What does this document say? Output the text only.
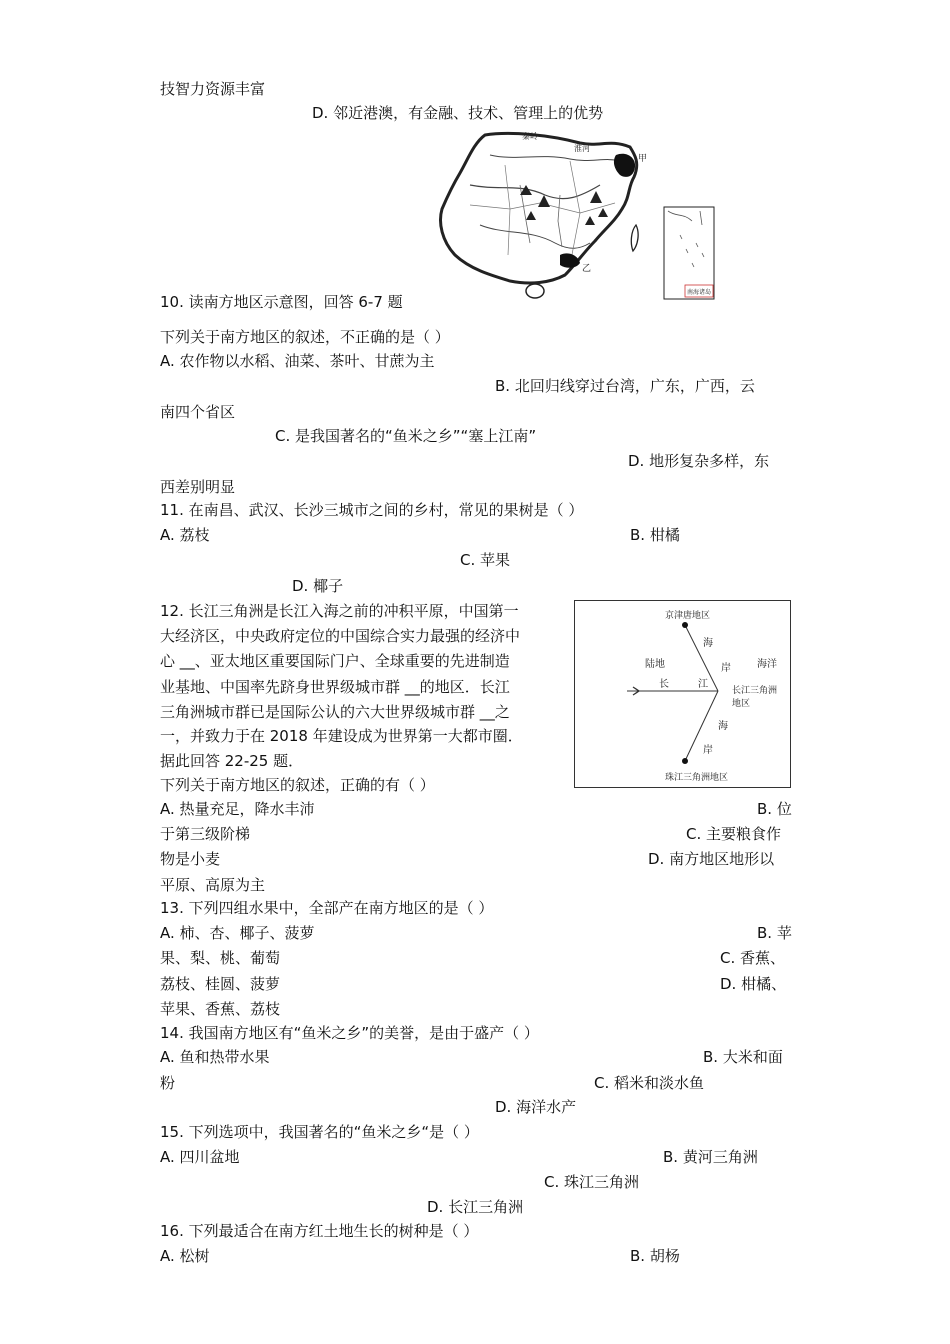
技智力资源丰富
D. 邻近港澳，有金融、技术、管理上的优势
秦岭
淮河
甲
乙
南海诸岛
10. 读南方地区示意图，回答 6-7 题
下列关于南方地区的叙述，不正确的是（ ）
A. 农作物以水稻、油菜、茶叶、甘蔗为主
B. 北回归线穿过台湾，广东，广西，云
南四个省区
C. 是我国著名的“鱼米之乡”“塞上江南”
D. 地形复杂多样，东
西差别明显
11. 在南昌、武汉、长沙三城市之间的乡村，常见的果树是（ ）
A. 荔枝	B. 柑橘
C. 苹果
D. 椰子
12. 长江三角洲是长江入海之前的冲积平原，中国第一
大经济区，中央政府定位的中国综合实力最强的经济中
心 __、亚太地区重要国际门户、全球重要的先进制造
业基地、中国率先跻身世界级城市群 __的地区．长江
三角洲城市群已是国际公认的六大世界级城市群 __之
一，并致力于在 2018 年建设成为世界第一大都市圈．
据此回答 22-25 题．
京津唐地区
海
岸
陆地	海洋
长	江
长江三角洲
地区
海
岸
珠江三角洲地区
下列关于南方地区的叙述，正确的有（ ）
A. 热量充足，降水丰沛	B. 位
于第三级阶梯	C. 主要粮食作
物是小麦	D. 南方地区地形以
平原、高原为主
13. 下列四组水果中，全部产在南方地区的是（ ）
A. 柿、杏、椰子、菠萝	B. 苹
果、梨、桃、葡萄	C. 香蕉、
荔枝、桂圆、菠萝	D. 柑橘、
苹果、香蕉、荔枝
14. 我国南方地区有“鱼米之乡”的美誉，是由于盛产（ ）
A. 鱼和热带水果	B. 大米和面
粉	C. 稻米和淡水鱼
D. 海洋水产
15. 下列选项中，我国著名的“鱼米之乡“是（ ）
A. 四川盆地	B. 黄河三角洲
C. 珠江三角洲
D. 长江三角洲
16. 下列最适合在南方红土地生长的树种是（ ）
A. 松树	B. 胡杨
